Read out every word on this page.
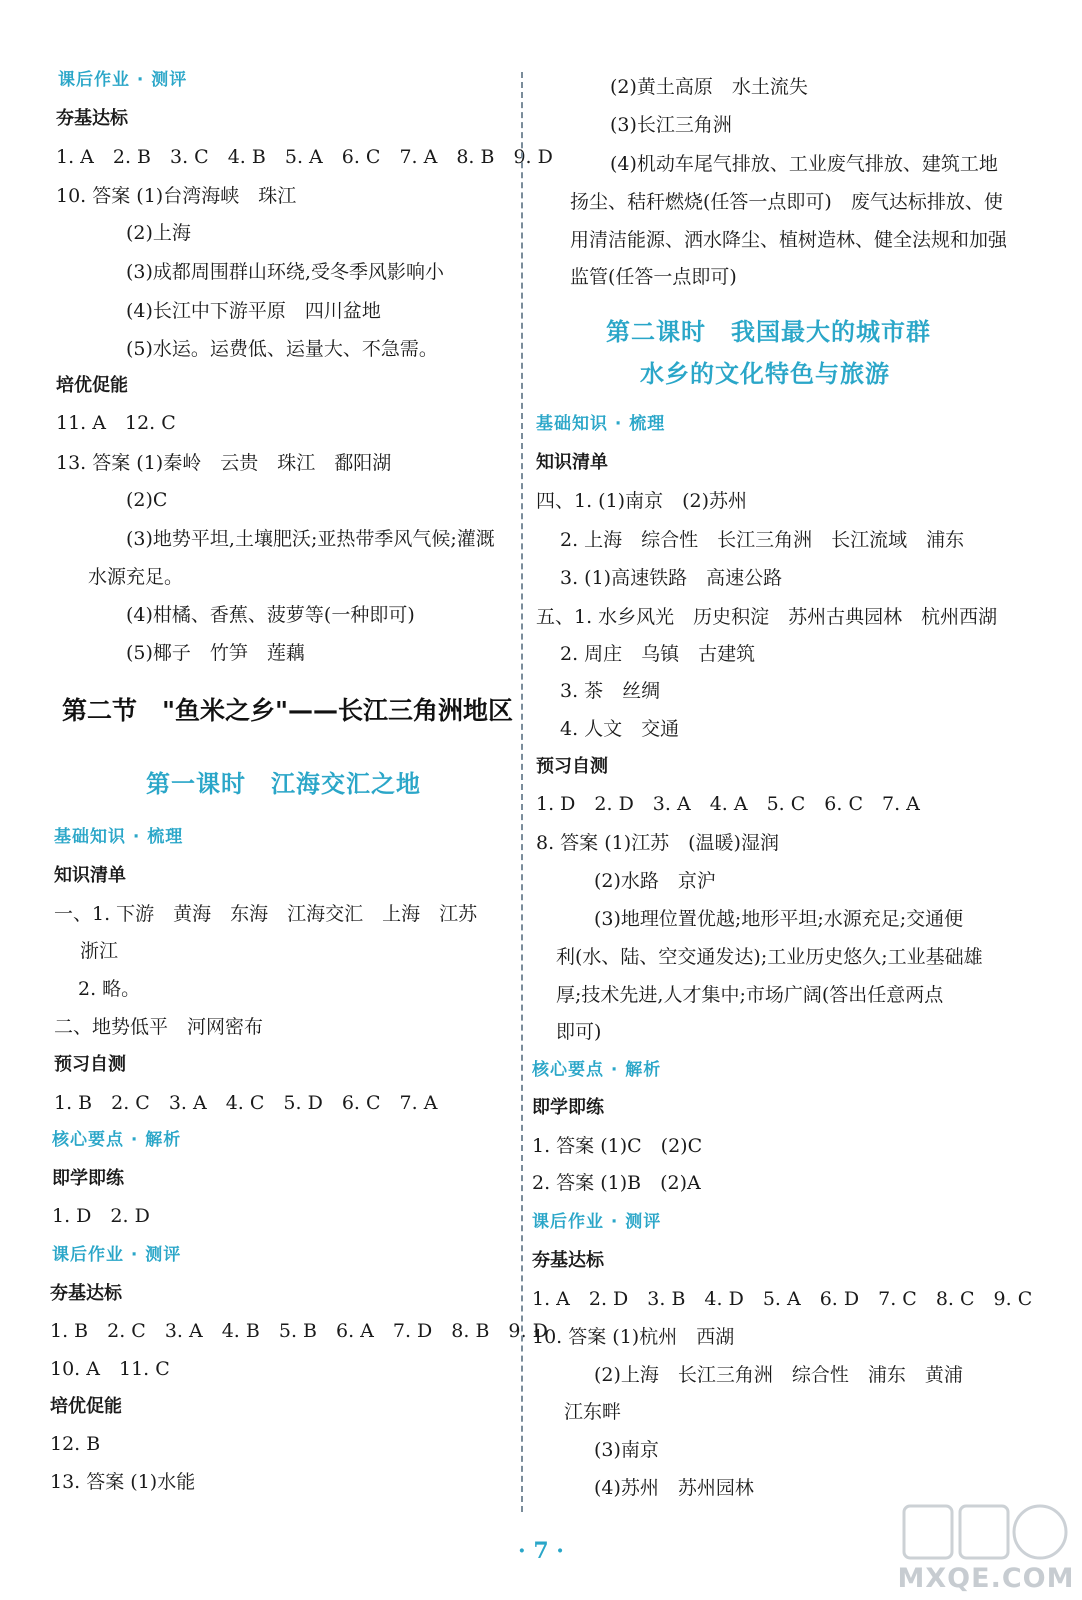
课后作业 · 测评
夯基达标
1. A　2. B　3. C　4. B　5. A　6. C　7. A　8. B　9. D
10. 答案 (1)台湾海峡　珠江
(2)上海
(3)成都周围群山环绕,受冬季风影响小
(4)长江中下游平原　四川盆地
(5)水运。运费低、运量大、不急需。
培优促能
11. A　12. C
13. 答案 (1)秦岭　云贵　珠江　鄱阳湖
(2)C
(3)地势平坦,土壤肥沃;亚热带季风气候;灌溉
水源充足。
(4)柑橘、香蕉、菠萝等(一种即可)
(5)椰子　竹笋　莲藕
第二节　"鱼米之乡"——长江三角洲地区
第一课时　江海交汇之地
基础知识 · 梳理
知识清单
一、1. 下游　黄海　东海　江海交汇　上海　江苏
浙江
2. 略。
二、地势低平　河网密布
预习自测
1. B　2. C　3. A　4. C　5. D　6. C　7. A
核心要点 · 解析
即学即练
1. D　2. D
课后作业 · 测评
夯基达标
1. B　2. C　3. A　4. B　5. B　6. A　7. D　8. B　9. D
10. A　11. C
培优促能
12. B
13. 答案 (1)水能
(2)黄土高原　水土流失
(3)长江三角洲
(4)机动车尾气排放、工业废气排放、建筑工地
扬尘、秸秆燃烧(任答一点即可)　废气达标排放、使
用清洁能源、洒水降尘、植树造林、健全法规和加强
监管(任答一点即可)
第二课时　我国最大的城市群
水乡的文化特色与旅游
基础知识 · 梳理
知识清单
四、1. (1)南京　(2)苏州
2. 上海　综合性　长江三角洲　长江流域　浦东
3. (1)高速铁路　高速公路
五、1. 水乡风光　历史积淀　苏州古典园林　杭州西湖
2. 周庄　乌镇　古建筑
3. 茶　丝绸
4. 人文　交通
预习自测
1. D　2. D　3. A　4. A　5. C　6. C　7. A
8. 答案 (1)江苏　(温暖)湿润
(2)水路　京沪
(3)地理位置优越;地形平坦;水源充足;交通便
利(水、陆、空交通发达);工业历史悠久;工业基础雄
厚;技术先进,人才集中;市场广阔(答出任意两点
即可)
核心要点 · 解析
即学即练
1. 答案 (1)C　(2)C
2. 答案 (1)B　(2)A
课后作业 · 测评
夯基达标
1. A　2. D　3. B　4. D　5. A　6. D　7. C　8. C　9. C
10. 答案 (1)杭州　西湖
(2)上海　长江三角洲　综合性　浦东　黄浦
江东畔
(3)南京
(4)苏州　苏州园林
· 7 ·
MXQE.COM
